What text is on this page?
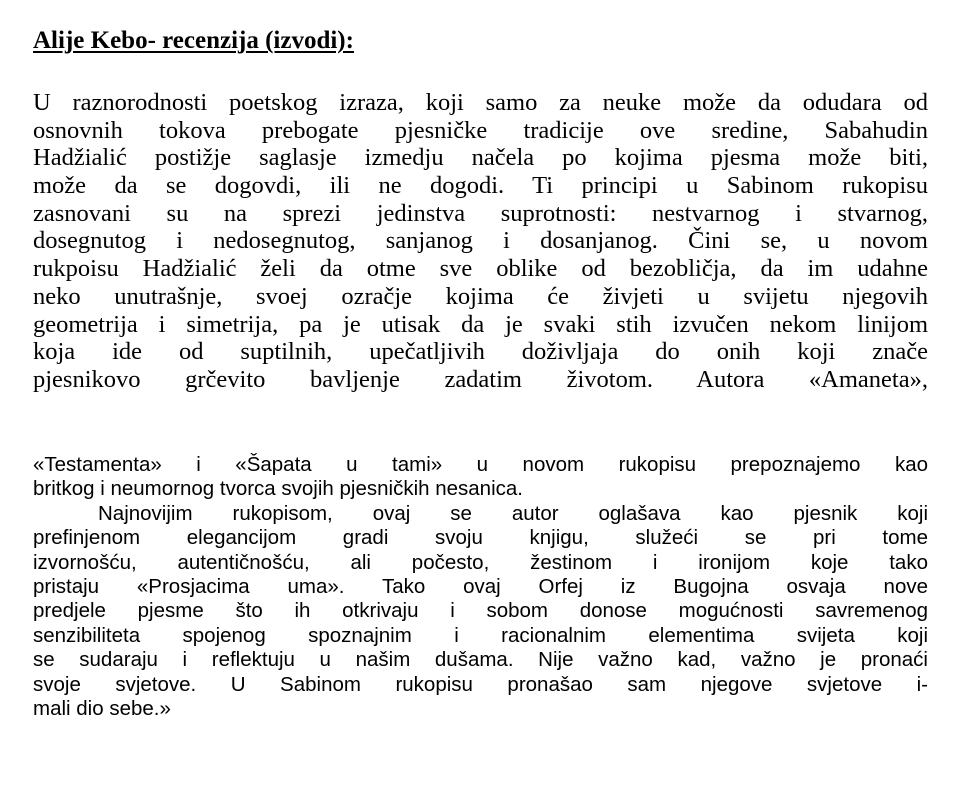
Alije Kebo- recenzija (izvodi):
U raznorodnosti poetskog izraza, koji samo za neuke može da odudara od
osnovnih tokova prebogate pjesničke tradicije ove sredine, Sabahudin
Hadžialić postižje saglasje izmedju načela po kojima pjesma može biti,
može da se dogovdi, ili ne dogodi. Ti principi u Sabinom rukopisu
zasnovani su na sprezi jedinstva suprotnosti: nestvarnog i stvarnog,
dosegnutog i nedosegnutog, sanjanog i dosanjanog. Čini se, u novom
rukpoisu Hadžialić želi da otme sve oblike od bezobličja, da im udahne
neko unutrašnje, svoej ozračje kojima će živjeti u svijetu njegovih
geometrija i simetrija, pa je utisak da je svaki stih izvučen nekom linijom
koja ide od suptilnih, upečatljivih doživljaja do onih koji znače
pjesnikovo grčevito bavljenje zadatim životom. Autora «Amaneta»,
«Testamenta» i «Šapata u tami» u novom rukopisu prepoznajemo kao
britkog i neumornog tvorca svojih pjesničkih nesanica.
Najnovijim rukopisom, ovaj se autor oglašava kao pjesnik koji
prefinjenom elegancijom gradi svoju knjigu, služeći se pri tome
izvornošću, autentičnošću, ali počesto, žestinom i ironijom koje tako
pristaju «Prosjacima uma». Tako ovaj Orfej iz Bugojna osvaja nove
predjele pjesme što ih otkrivaju i sobom donose mogućnosti savremenog
senzibiliteta spojenog spoznajnim i racionalnim elementima svijeta koji
se sudaraju i reflektuju u našim dušama. Nije važno kad, važno je pronaći
svoje svjetove. U Sabinom rukopisu pronašao sam njegove svjetove i-
mali dio sebe.»
